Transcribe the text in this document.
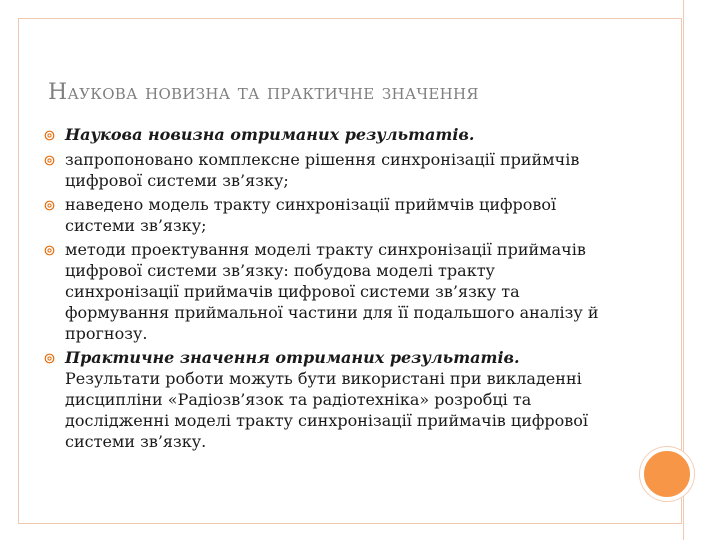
Наукова новизна та практичне значення
Наукова новизна отриманих результатів.
запропоновано комплексне рішення синхронізації приймчів цифрової системи зв’язку;
наведено модель тракту синхронізації приймчів цифрової системи зв’язку;
методи проектування моделі тракту синхронізації приймачів цифрової системи зв’язку: побудова моделі тракту синхронізації приймачів цифрової системи зв’язку та формування приймальної частини для її подальшого аналізу й прогнозу.
Практичне значення отриманих результатів.
Результати роботи можуть бути використані при викладенні дисципліни «Радіозв’язок та радіотехніка» розробці та дослідженні моделі тракту синхронізації приймачів цифрової системи зв’язку.
